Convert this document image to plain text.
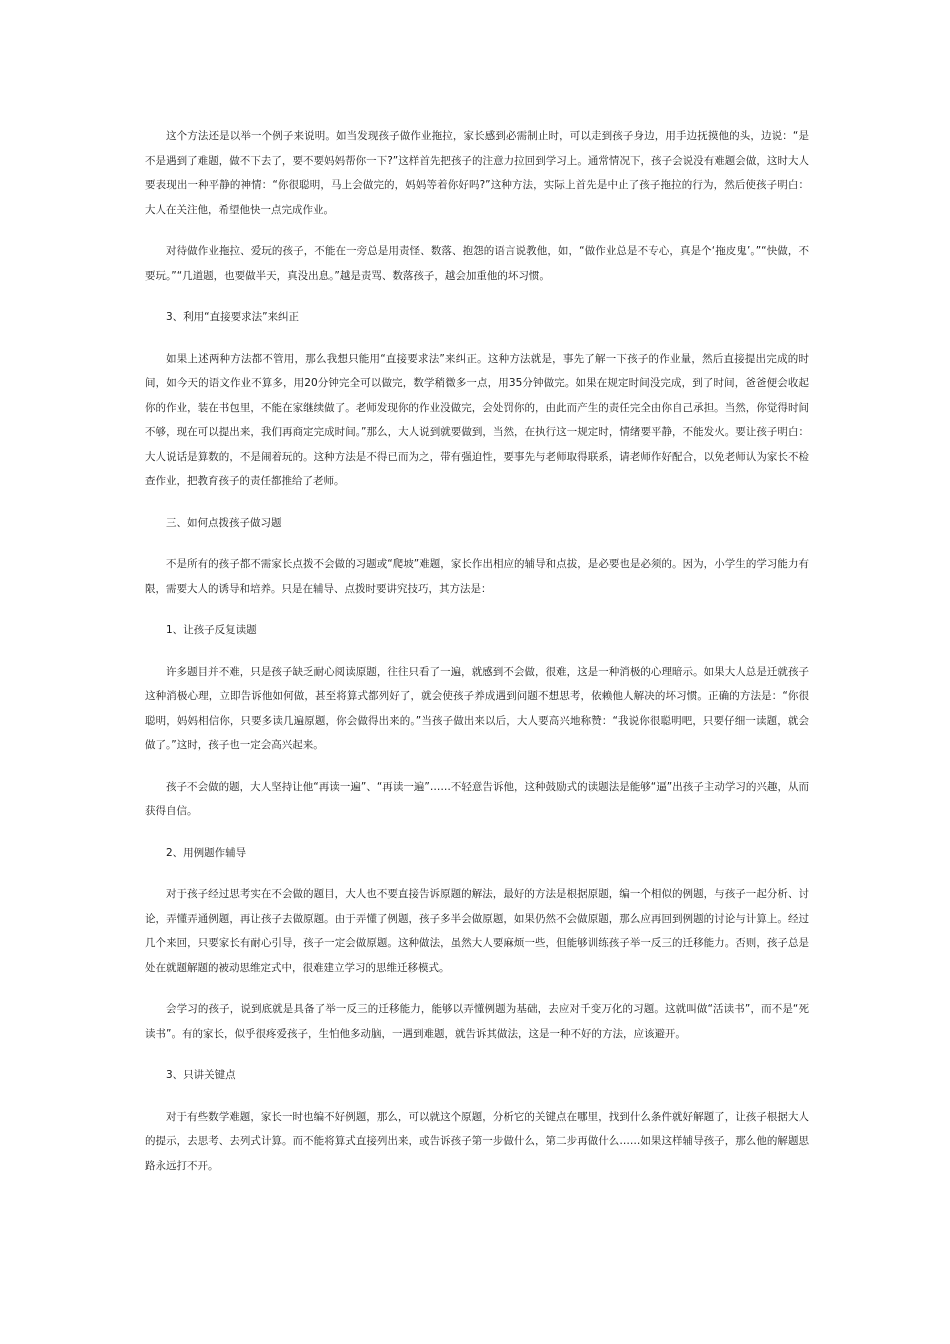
这个方法还是以举一个例子来说明。如当发现孩子做作业拖拉，家长感到必需制止时，可以走到孩子身边，用手边抚摸他的头，边说：“是不是遇到了难题，做不下去了，要不要妈妈帮你一下?”这样首先把孩子的注意力拉回到学习上。通常情况下，孩子会说没有难题会做，这时大人要表现出一种平静的神情：“你很聪明，马上会做完的，妈妈等着你好吗?”这种方法，实际上首先是中止了孩子拖拉的行为，然后使孩子明白：大人在关注他，希望他快一点完成作业。

对待做作业拖拉、爱玩的孩子，不能在一旁总是用责怪、数落、抱怨的语言说教他，如，“做作业总是不专心，真是个‘拖皮鬼’。”“快做，不要玩。”“几道题，也要做半天，真没出息。”越是责骂、数落孩子，越会加重他的坏习惯。

3、利用“直接要求法”来纠正

如果上述两种方法都不管用，那么我想只能用“直接要求法”来纠正。这种方法就是，事先了解一下孩子的作业量，然后直接提出完成的时间，如今天的语文作业不算多，用20分钟完全可以做完，数学稍微多一点，用35分钟做完。如果在规定时间没完成，到了时间，爸爸便会收起你的作业，装在书包里，不能在家继续做了。老师发现你的作业没做完，会处罚你的，由此而产生的责任完全由你自己承担。当然，你觉得时间不够，现在可以提出来，我们再商定完成时间。”那么，大人说到就要做到，当然，在执行这一规定时，情绪要平静，不能发火。要让孩子明白：大人说话是算数的，不是闹着玩的。这种方法是不得已而为之，带有强迫性，要事先与老师取得联系，请老师作好配合，以免老师认为家长不检查作业，把教育孩子的责任都推给了老师。

三、如何点拨孩子做习题

不是所有的孩子都不需家长点拨不会做的习题或“爬坡”难题，家长作出相应的辅导和点拔，是必要也是必须的。因为，小学生的学习能力有限，需要大人的诱导和培养。只是在辅导、点拨时要讲究技巧，其方法是：

1、让孩子反复读题

许多题目并不难，只是孩子缺乏耐心阅读原题，往往只看了一遍，就感到不会做，很难，这是一种消极的心理暗示。如果大人总是迁就孩子这种消极心理，立即告诉他如何做，甚至将算式都列好了，就会使孩子养成遇到问题不想思考，依赖他人解决的坏习惯。正确的方法是：“你很聪明，妈妈相信你，只要多读几遍原题，你会做得出来的。”当孩子做出来以后，大人要高兴地称赞：“我说你很聪明吧，只要仔细一读题，就会做了。”这时，孩子也一定会高兴起来。

孩子不会做的题，大人坚持让他“再读一遍”、“再读一遍”……不轻意告诉他，这种鼓励式的读题法是能够“逼”出孩子主动学习的兴趣，从而获得自信。

2、用例题作辅导

对于孩子经过思考实在不会做的题目，大人也不要直接告诉原题的解法，最好的方法是根据原题，编一个相似的例题，与孩子一起分析、讨论，弄懂弄通例题，再让孩子去做原题。由于弄懂了例题，孩子多半会做原题，如果仍然不会做原题，那么应再回到例题的讨论与计算上。经过几个来回，只要家长有耐心引导，孩子一定会做原题。这种做法，虽然大人要麻烦一些，但能够训练孩子举一反三的迁移能力。否则，孩子总是处在就题解题的被动思维定式中，很难建立学习的思维迁移模式。

会学习的孩子，说到底就是具备了举一反三的迁移能力，能够以弄懂例题为基础，去应对千变万化的习题。这就叫做“活读书”，而不是“死读书”。有的家长，似乎很疼爱孩子，生怕他多动脑，一遇到难题，就告诉其做法，这是一种不好的方法，应该避开。

3、只讲关键点

对于有些数学难题，家长一时也编不好例题，那么，可以就这个原题，分析它的关键点在哪里，找到什么条件就好解题了，让孩子根据大人的提示，去思考、去列式计算。而不能将算式直接列出来，或告诉孩子第一步做什么，第二步再做什么……如果这样辅导孩子，那么他的解题思路永远打不开。
